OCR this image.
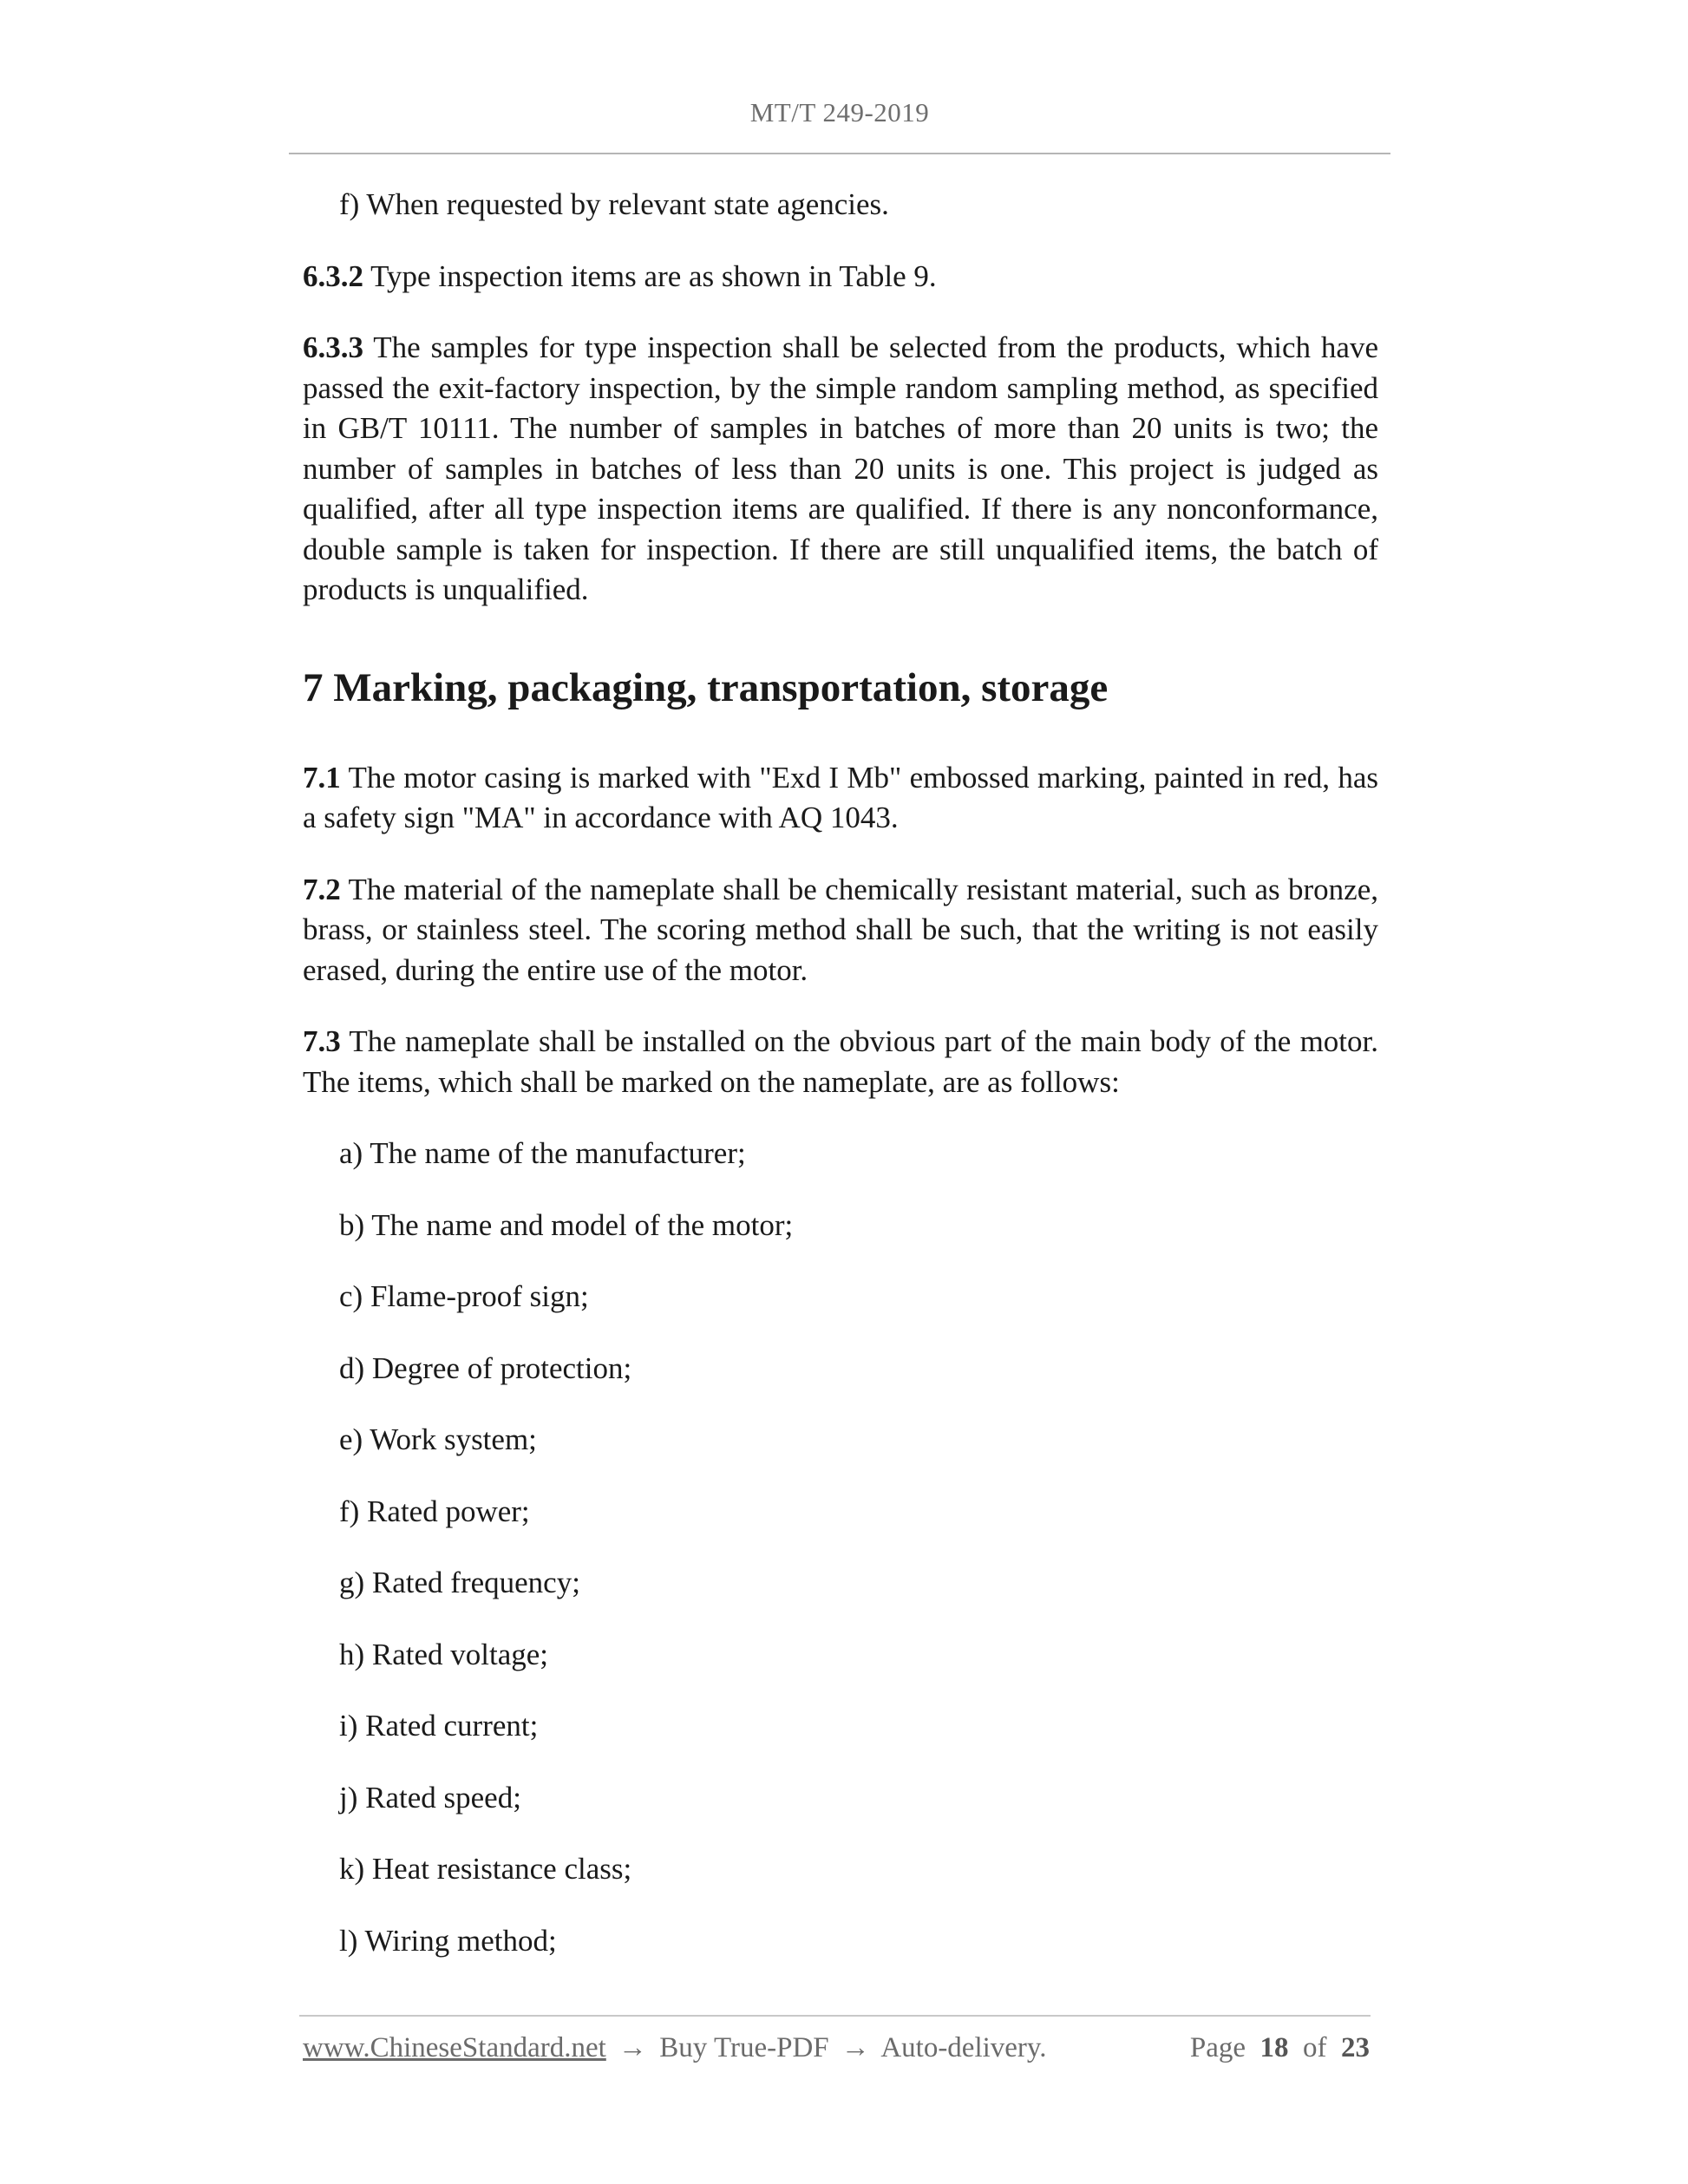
MT/T 249-2019

f) When requested by relevant state agencies.

6.3.2 Type inspection items are as shown in Table 9.

6.3.3 The samples for type inspection shall be selected from the products, which have passed the exit-factory inspection, by the simple random sampling method, as specified in GB/T 10111. The number of samples in batches of more than 20 units is two; the number of samples in batches of less than 20 units is one. This project is judged as qualified, after all type inspection items are qualified. If there is any nonconformance, double sample is taken for inspection. If there are still unqualified items, the batch of products is unqualified.

7 Marking, packaging, transportation, storage

7.1 The motor casing is marked with "Exd I Mb" embossed marking, painted in red, has a safety sign "MA" in accordance with AQ 1043.

7.2 The material of the nameplate shall be chemically resistant material, such as bronze, brass, or stainless steel. The scoring method shall be such, that the writing is not easily erased, during the entire use of the motor.

7.3 The nameplate shall be installed on the obvious part of the main body of the motor. The items, which shall be marked on the nameplate, are as follows:

a) The name of the manufacturer;
b) The name and model of the motor;
c) Flame-proof sign;
d) Degree of protection;
e) Work system;
f) Rated power;
g) Rated frequency;
h) Rated voltage;
i) Rated current;
j) Rated speed;
k) Heat resistance class;
l) Wiring method;
www.ChineseStandard.net → Buy True-PDF → Auto-delivery.	Page 18 of 23
